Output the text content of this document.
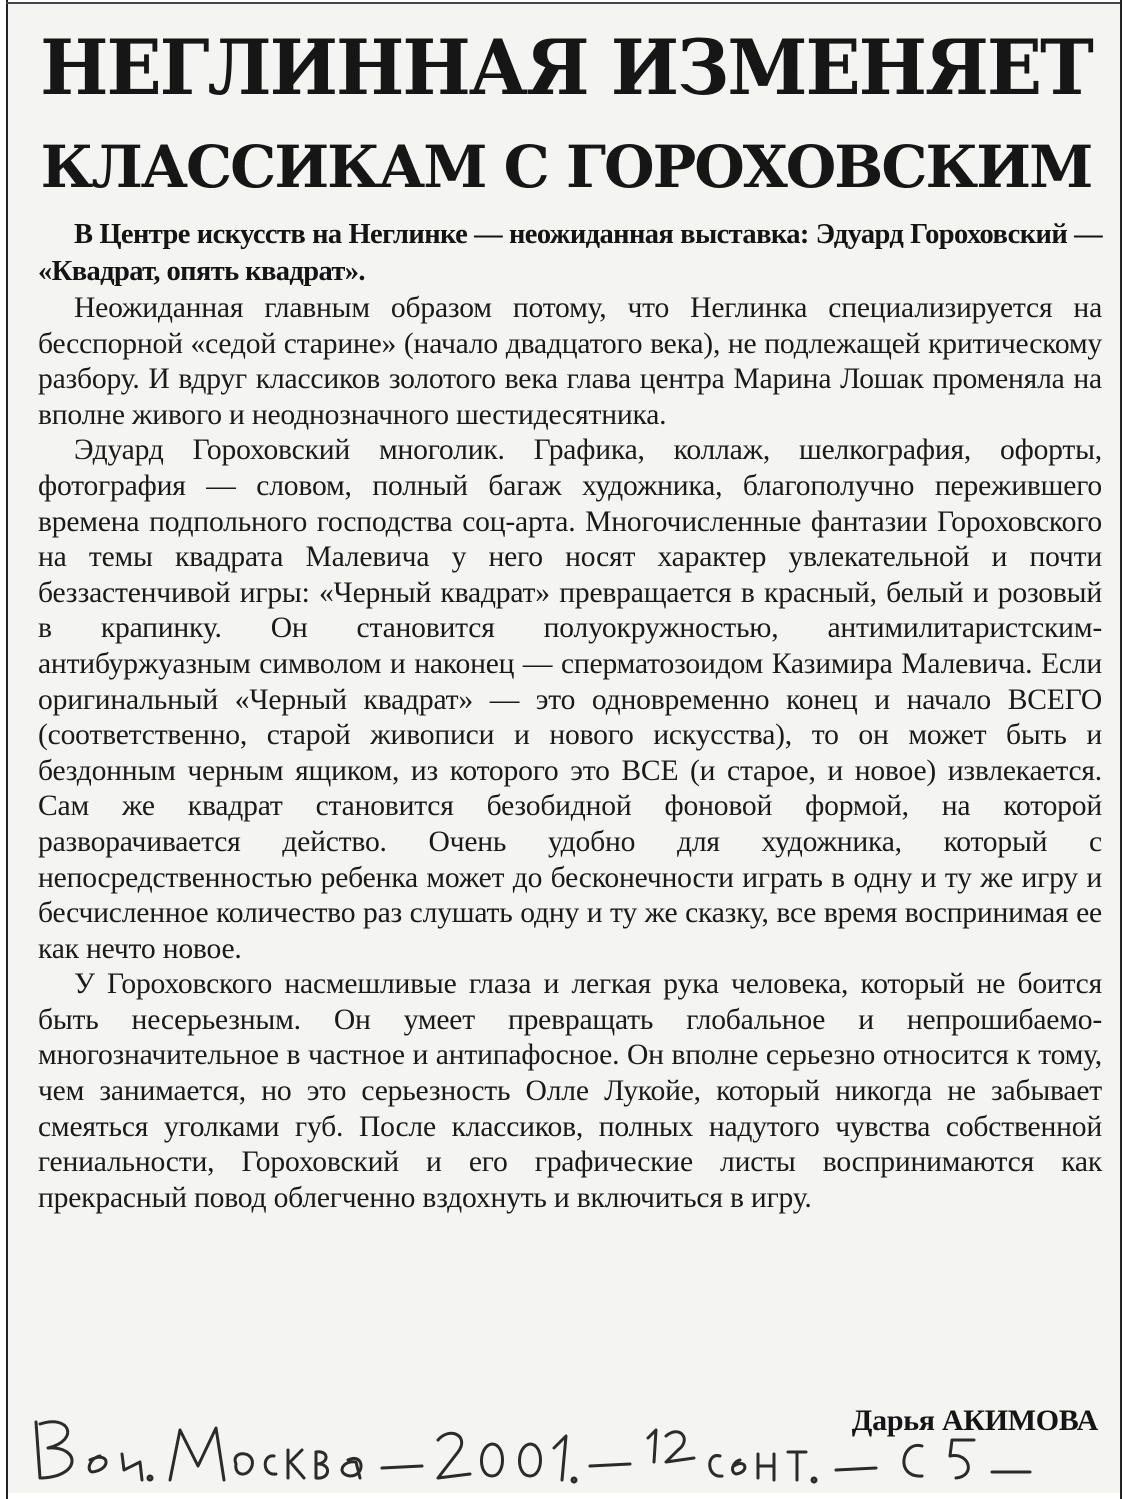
НЕГЛИННАЯ ИЗМЕНЯЕТ
КЛАССИКАМ С ГОРОХОВСКИМ
В Центре искусств на Неглинке — неожиданная выставка: Эдуард Гороховский — «Квадрат, опять квадрат».

Неожиданная главным образом потому, что Неглинка специализируется на бесспорной «седой старине» (начало двадцатого века), не подлежащей критическому разбору. И вдруг классиков золотого века глава центра Марина Лошак променяла на вполне живого и неоднозначного шестидесятника.

Эдуард Гороховский многолик. Графика, коллаж, шелкография, офорты, фотография — словом, полный багаж художника, благополучно пережившего времена подпольного господства соц-арта. Многочисленные фантазии Гороховского на темы квадрата Малевича у него носят характер увлекательной и почти беззастенчивой игры: «Черный квадрат» превращается в красный, белый и розовый в крапинку. Он становится полуокружностью, антимилитаристским-антибуржуазным символом и наконец — сперматозоидом Казимира Малевича. Если оригинальный «Черный квадрат» — это одновременно конец и начало ВСЕГО (соответственно, старой живописи и нового искусства), то он может быть и бездонным черным ящиком, из которого это ВСЕ (и старое, и новое) извлекается. Сам же квадрат становится безобидной фоновой формой, на которой разворачивается действо. Очень удобно для художника, который с непосредственностью ребенка может до бесконечности играть в одну и ту же игру и бесчисленное количество раз слушать одну и ту же сказку, все время воспринимая ее как нечто новое.

У Гороховского насмешливые глаза и легкая рука человека, который не боится быть несерьезным. Он умеет превращать глобальное и непрошибаемо-многозначительное в частное и антипафосное. Он вполне серьезно относится к тому, чем занимается, но это серьезность Олле Лукойе, который никогда не забывает смеяться уголками губ. После классиков, полных надутого чувства собственной гениальности, Гороховский и его графические листы воспринимаются как прекрасный повод облегченно вздохнуть и включиться в игру.

Дарья АКИМОВА
